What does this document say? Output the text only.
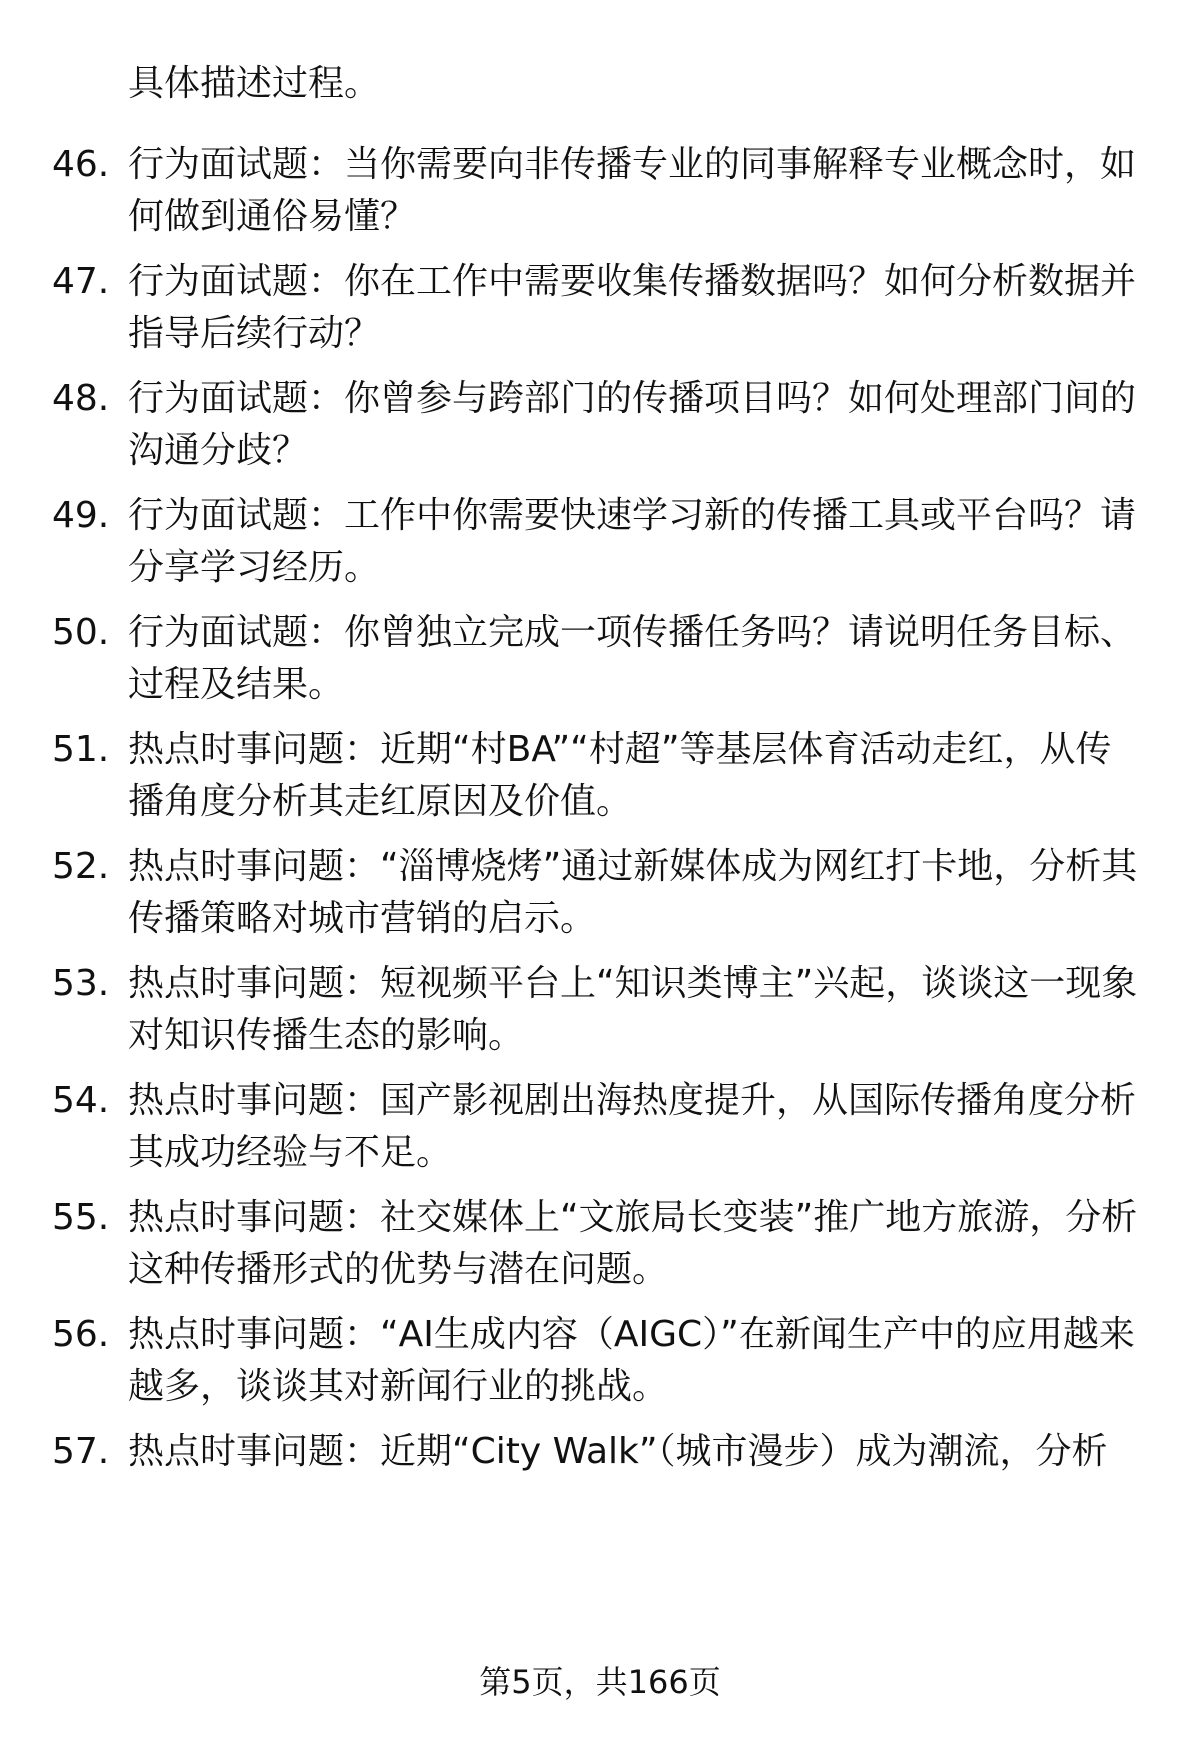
具体描述过程。

46. 行为面试题：当你需要向非传播专业的同事解释专业概念时，如何做到通俗易懂？
47. 行为面试题：你在工作中需要收集传播数据吗？如何分析数据并指导后续行动？
48. 行为面试题：你曾参与跨部门的传播项目吗？如何处理部门间的沟通分歧？
49. 行为面试题：工作中你需要快速学习新的传播工具或平台吗？请分享学习经历。
50. 行为面试题：你曾独立完成一项传播任务吗？请说明任务目标、过程及结果。
51. 热点时事问题：近期“村BA”“村超”等基层体育活动走红，从传播角度分析其走红原因及价值。
52. 热点时事问题：“淄博烧烤”通过新媒体成为网红打卡地，分析其传播策略对城市营销的启示。
53. 热点时事问题：短视频平台上“知识类博主”兴起，谈谈这一现象对知识传播生态的影响。
54. 热点时事问题：国产影视剧出海热度提升，从国际传播角度分析其成功经验与不足。
55. 热点时事问题：社交媒体上“文旅局长变装”推广地方旅游，分析这种传播形式的优势与潜在问题。
56. 热点时事问题：“AI生成内容（AIGC）”在新闻生产中的应用越来越多，谈谈其对新闻行业的挑战。
57. 热点时事问题：近期“City Walk”（城市漫步）成为潮流，分析
第5页，共166页
